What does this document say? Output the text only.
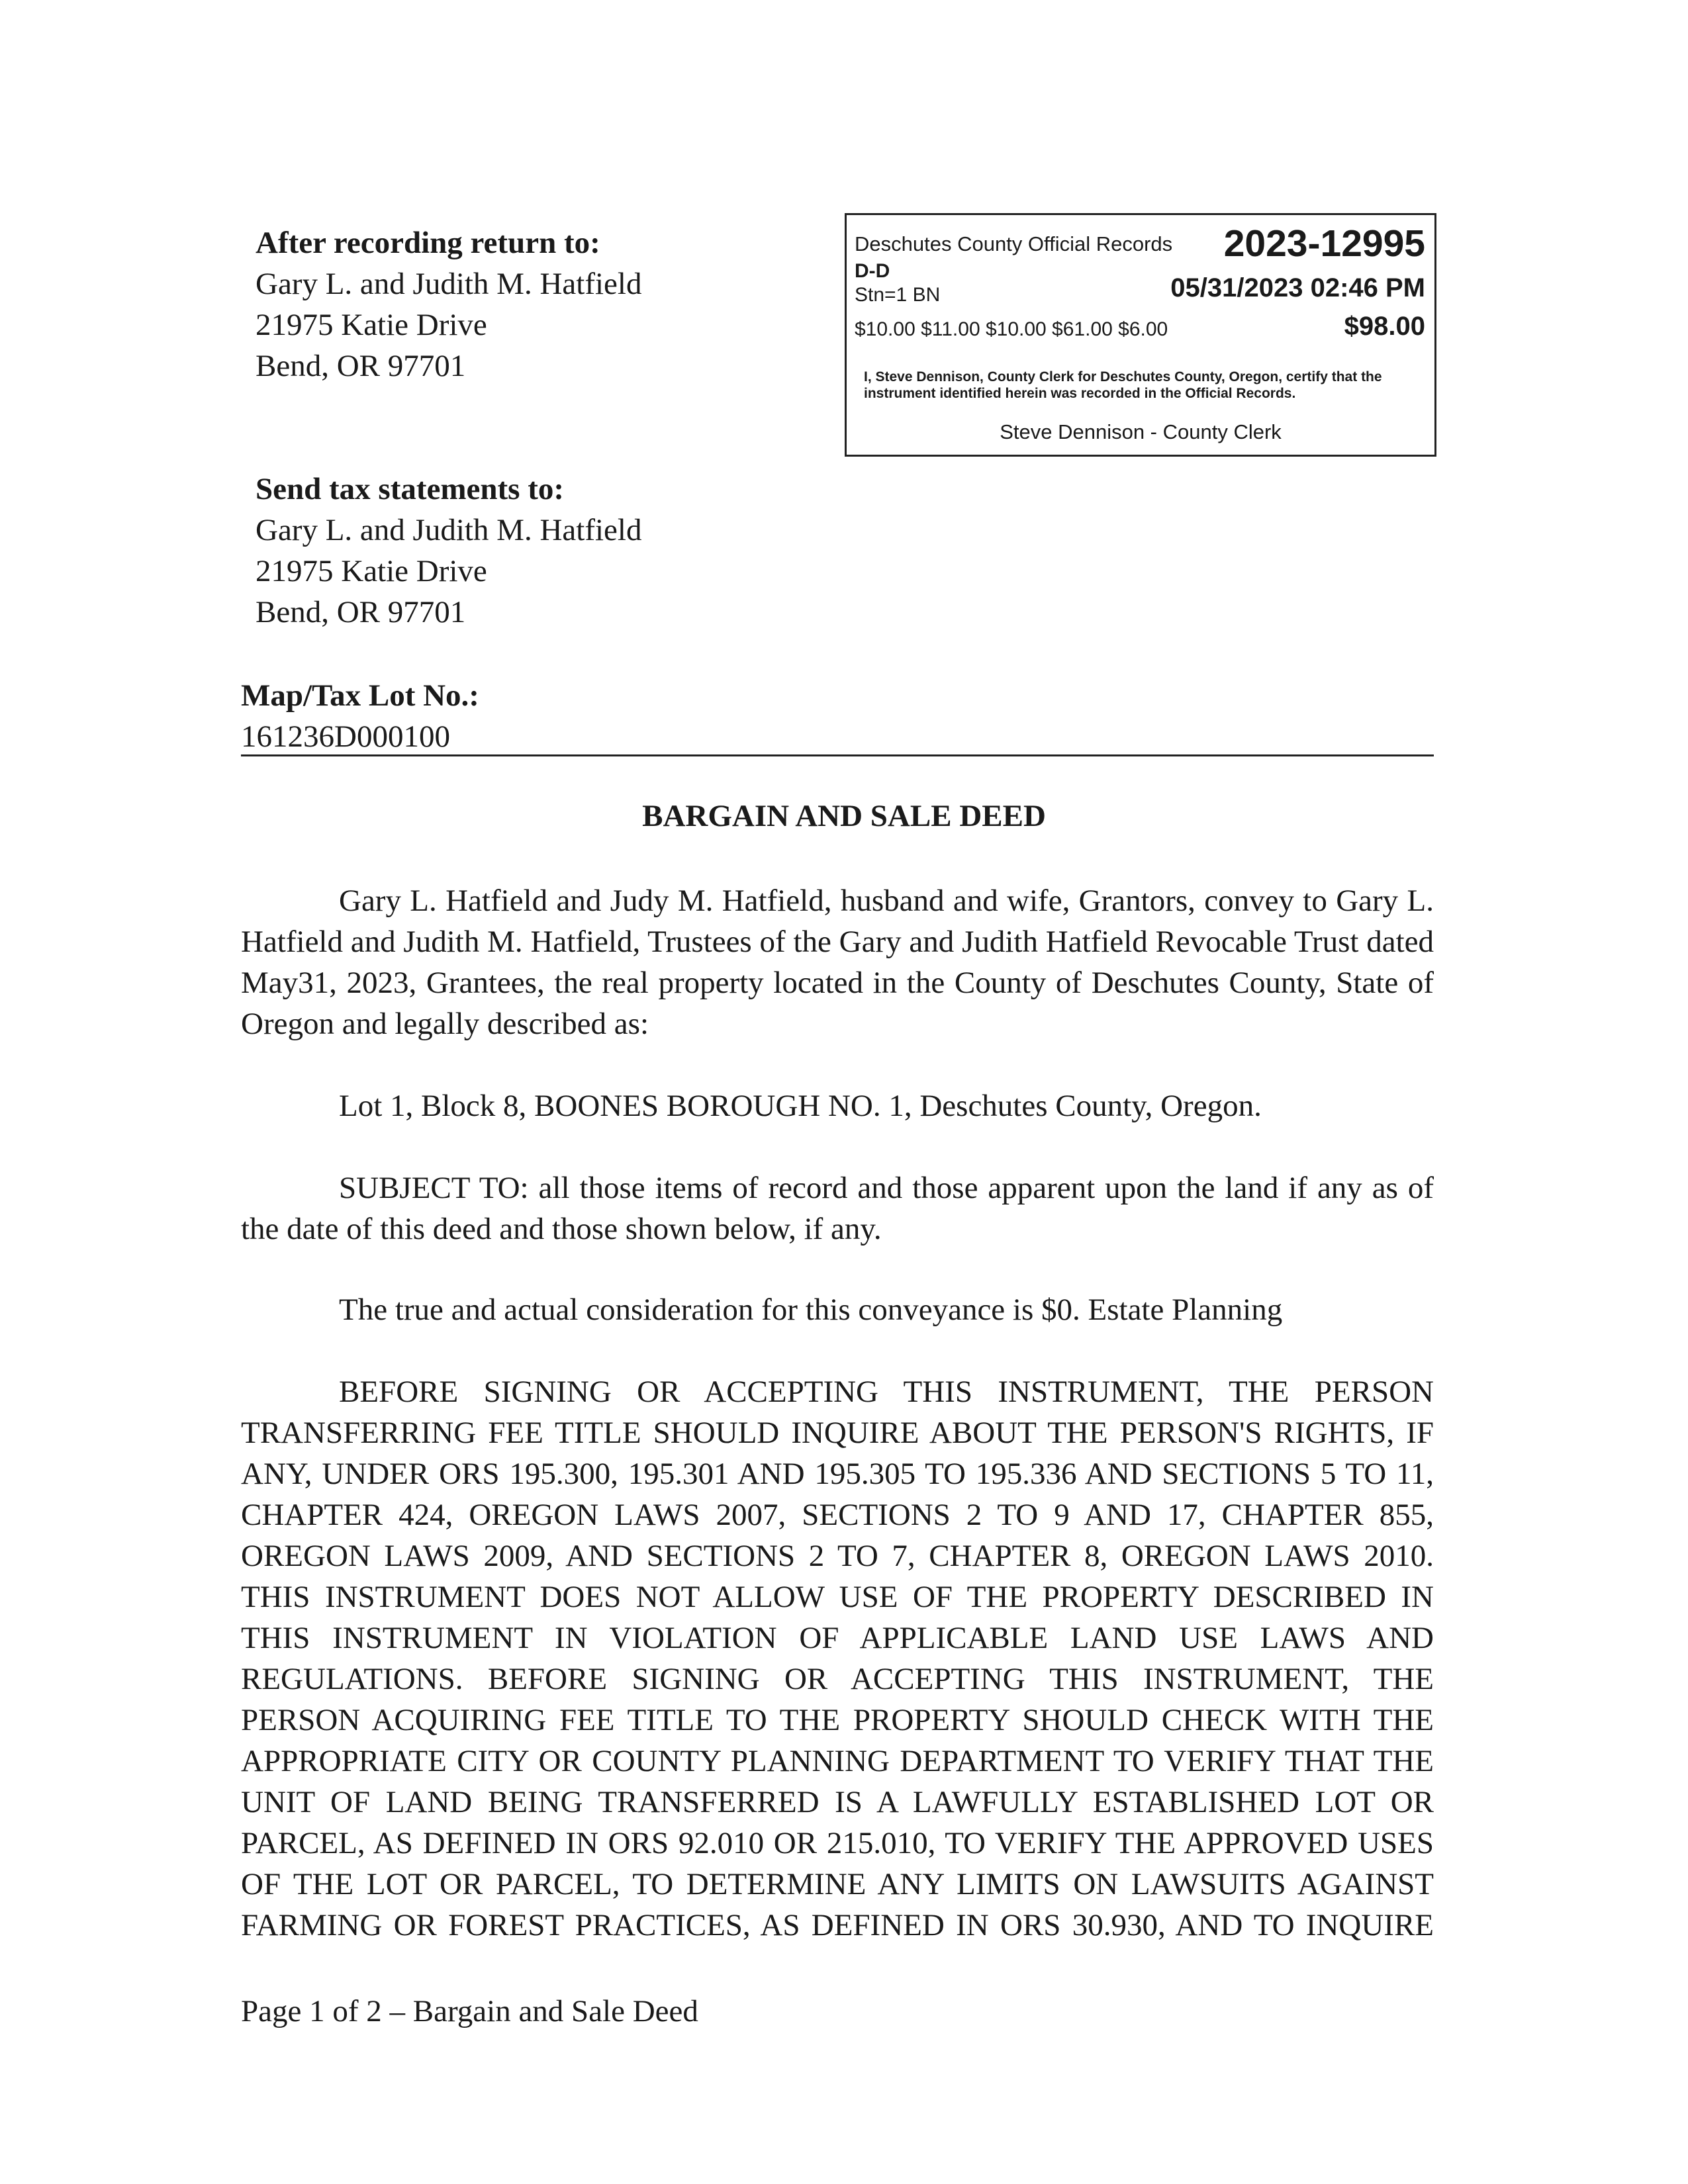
After recording return to:
Gary L. and Judith M. Hatfield
21975 Katie Drive
Bend, OR 97701
Deschutes County Official Records 2023-12995
D-D
Stn=1 BN	05/31/2023 02:46 PM
$10.00 $11.00 $10.00 $61.00 $6.00	$98.00
I, Steve Dennison, County Clerk for Deschutes County, Oregon, certify that the instrument identified herein was recorded in the Official Records.
Steve Dennison - County Clerk
Send tax statements to:
Gary L. and Judith M. Hatfield
21975 Katie Drive
Bend, OR 97701
Map/Tax Lot No.:
161236D000100
BARGAIN AND SALE DEED
Gary L. Hatfield and Judy M. Hatfield, husband and wife, Grantors, convey to Gary L. Hatfield and Judith M. Hatfield, Trustees of the Gary and Judith Hatfield Revocable Trust dated May31, 2023, Grantees, the real property located in the County of Deschutes County, State of Oregon and legally described as:
Lot 1, Block 8, BOONES BOROUGH NO. 1, Deschutes County, Oregon.
SUBJECT TO: all those items of record and those apparent upon the land if any as of the date of this deed and those shown below, if any.
The true and actual consideration for this conveyance is $0. Estate Planning
BEFORE SIGNING OR ACCEPTING THIS INSTRUMENT, THE PERSON TRANSFERRING FEE TITLE SHOULD INQUIRE ABOUT THE PERSON'S RIGHTS, IF ANY, UNDER ORS 195.300, 195.301 AND 195.305 TO 195.336 AND SECTIONS 5 TO 11, CHAPTER 424, OREGON LAWS 2007, SECTIONS 2 TO 9 AND 17, CHAPTER 855, OREGON LAWS 2009, AND SECTIONS 2 TO 7, CHAPTER 8, OREGON LAWS 2010. THIS INSTRUMENT DOES NOT ALLOW USE OF THE PROPERTY DESCRIBED IN THIS INSTRUMENT IN VIOLATION OF APPLICABLE LAND USE LAWS AND REGULATIONS. BEFORE SIGNING OR ACCEPTING THIS INSTRUMENT, THE PERSON ACQUIRING FEE TITLE TO THE PROPERTY SHOULD CHECK WITH THE APPROPRIATE CITY OR COUNTY PLANNING DEPARTMENT TO VERIFY THAT THE UNIT OF LAND BEING TRANSFERRED IS A LAWFULLY ESTABLISHED LOT OR PARCEL, AS DEFINED IN ORS 92.010 OR 215.010, TO VERIFY THE APPROVED USES OF THE LOT OR PARCEL, TO DETERMINE ANY LIMITS ON LAWSUITS AGAINST FARMING OR FOREST PRACTICES, AS DEFINED IN ORS 30.930, AND TO INQUIRE
Page 1 of 2 – Bargain and Sale Deed
